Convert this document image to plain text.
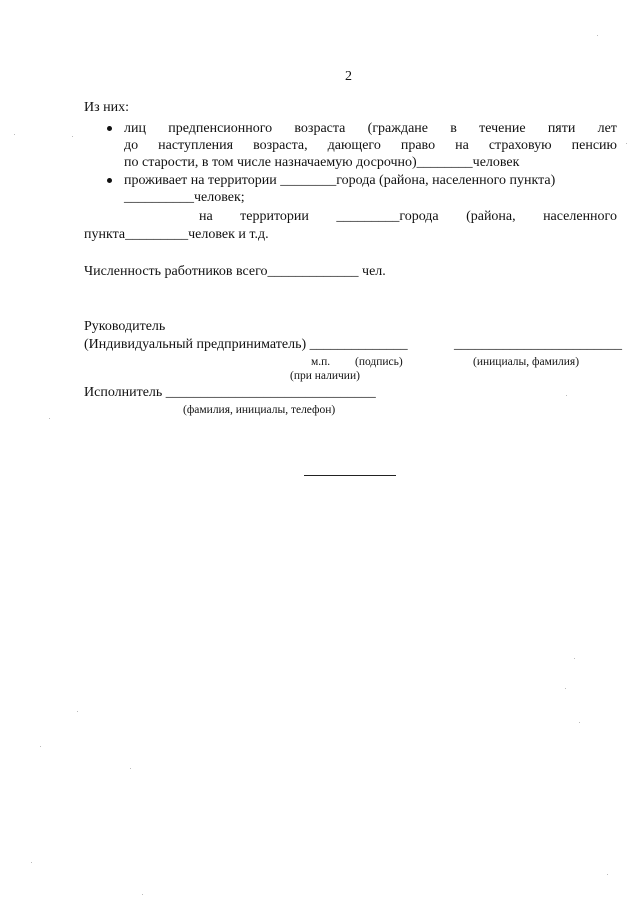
2
Из них:
лиц предпенсионного возраста (граждане в течение пяти лет
до наступления возраста, дающего право на страховую пенсию
по старости, в том числе назначаемую досрочно)________человек
проживает на территории ________города (района, населенного пункта)
__________человек;
на территории _________города (района, населенного
пункта_________человек и т.д.
Численность работников всего_____________ чел.
Руководитель
(Индивидуальный предприниматель) ______________	________________________
м.п. (подпись)	(инициалы, фамилия)
(при наличии)
Исполнитель ______________________________
(фамилия, инициалы, телефон)
